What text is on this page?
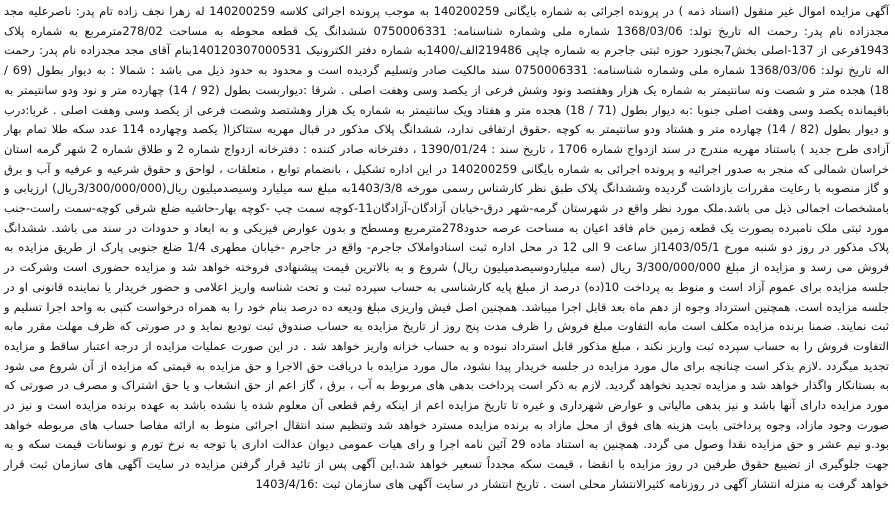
آگهی مزایده اموال غیر منقول (اسناد ذمه ) در پرونده اجرائی به شماره بایگانی 140200259 به موجب پرونده اجرائی کلاسه 140200259 له زهرا نجف زاده تام پدر: ناصرعلیه مجد مجدزاده نام پدر: رحمت اله تاریخ تولد: 1368/03/06 شماره ملی وشماره شناسنامه: 0750006331 ششدانگ یک قطعه محوطه به مساحت 278/02مترمربع به شماره پلاک 1943فرعی از 137-اصلی بخش7بجنورد حوزه ثبتی جاجرم به شماره چاپی 219486الف/1400به شماره دفتر الکترونیک 140120307000531بنام آقای مجد مجدزاده نام پدر: رحمت اله تاریخ تولد: 1368/03/06 شماره ملی وشماره شناسنامه: 0750006331 سند مالکیت صادر وتسلیم گردیده است و محدود به حدود ذیل می باشد : شمالا : به دیوار بطول (69 / 18) هجده متر و شصت ونه سانتیمتر به شماره یک هزار وهفتصد ونود وشش فرعی از یکصد وسی وهفت اصلی . شرقا :دیواربست بطول (92 / 14) چهارده متر و نود ودو سانتیمتر به باقیمانده یکصد وسی وهفت اصلی جنوبا :به دیوار بطول (71 / 18) هجده متر و هفتاد ویک سانتیمتر به شماره یک هزار وهشتصد وشصت فرعی از یکصد وسی وهفت اصلی . غربا:درب و دیوار بطول (82 / 14) چهارده متر و هشتاد ودو سانتیمتر به کوچه .حقوق ارتفاقی ندارد، ششدانگ پلاک مذکور در قبال مهریه ستتاکزا( یکصد وچهارده 114 عدد سکه طلا تمام بهار آزادی طرح جدید ) باستناد مهریه مندرج در سند ازدواج شماره 1706 ، تاریخ سند : 1390/01/24 ، دفترخانه صادر کننده : دفترخانه ازدواج شماره 2 و طلاق شماره 2 شهر گرمه استان خراسان شمالی که منجر به صدور اجرائیه و پرونده اجرائی به شماره بایگانی 140200259 در این اداره تشکیل ، بانضمام توابع ، متعلقات ، لواحق و حقوق شرعیه و عرفیه و آب و برق و گاز منصوبه با رعایت مقررات بازداشت گردیده وششدانگ پلاک طبق نظر کارشناس رسمی مورخه 1403/3/8به مبلغ سه میلیارد وسیصدمیلیون ریال(3/300/000/000ریال) ارزیابی و بامشخصات اجمالی ذیل می باشد.ملک مورد نظر واقع در شهرستان گرمه-شهر درق-خیابان آزادگان-آزادگان11-کوچه سمت چپ -کوچه بهار-حاشیه ضلع شرقی کوچه-سمت راست-جنب مورد ثبتی ملک نامبرده بصورت یک قطعه زمین خام فاقد اعیان به مساحت عرصه حدود278مترمربع ومسطح و بدون عوارض فیزیکی و به ابعاد و حدودات در سند می باشد. ششدانگ پلاک مذکور در روز دو شنبه مورخ 1403/05/1از ساعت 9 الی 12 در محل اداره ثبت اسنادواملاک جاجرم- واقع در جاجرم -خیابان مطهری 1/4 ضلع جنوبی پارک از طریق مزایده به فروش می رسد و مزایده از مبلغ 3/300/000/000 ریال (سه میلیاردوسیصدمیلیون ریال) شروع و به بالاترین قیمت پیشنهادی فروخته خواهد شد و مزایده حضوری است وشرکت در جلسه مزایده برای عموم آزاد است و منوط به پرداخت 10(ده) درصد از مبلغ پایه کارشناسی به حساب سپرده ثبت و تحت شناسه واریز اعلامی و حضور خریدار یا نماینده قانونی او در جلسه مزایده است. همچنین استرداد وجوه از دهم ماه بعد قابل اجرا میباشد. همچنین اصل فیش واریزی مبلغ ودیعه ده درصد بنام خود را به همراه درخواست کتبی به واحد اجرا تسلیم و ثبت نمایند. ضمنا برنده مزایده مکلف است مابه التفاوت مبلغ فروش را ظرف مدت پنج روز از تاریخ مزایده به حساب صندوق ثبت تودیع نماید و در صورتی که ظرف مهلت مقرر مابه التفاوت فروش را به حساب سپرده ثبت واریز نکند ، مبلغ مذکور قابل استرداد نبوده و به حساب خزانه واریز خواهد شد . در این صورت عملیات مزایده از درجه اعتبار ساقط و مزایده تجدید میگردد .لازم بذکر است چنانچه برای مال مورد مزایده در جلسه خریدار پیدا نشود، مال مورد مزایده با دریافت حق الاجرا و حق مزایده به قیمتی که مزایده از آن شروع می شود به بستانکار واگذار خواهد شد و مزایده تجدید نخواهد گردید. لازم به ذکر است پرداخت بدهی های مربوط به آب ، برق ، گاز اعم از حق انشعاب و یا حق اشتراک و مصرف در صورتی که مورد مزایده دارای آنها باشد و نیز بدهی مالیاتی و عوارض شهرداری و غیره تا تاریخ مزایده اعم از اینکه رقم قطعی آن معلوم شده یا نشده باشد به عهده برنده مزایده است و نیز در صورت وجود مازاد، وجوه پرداختی بابت هزینه های فوق از محل مازاد به برنده مزایده مسترد خواهد شد وتنظیم سند انتقال اجرائی منوط به ارائه مفاصا حساب های مربوطه خواهد بود.و نیم عشر و حق مزایده نقدا وصول می گردد. همچنین به استناد ماده 29 آئین نامه اجرا و رای هیات عمومی دیوان عدالت اداری با توجه به نرخ تورم و نوسانات قیمت سکه و به جهت جلوگیری از تضییع حقوق طرفین در روز مزایده با انقضا ، قیمت سکه مجدداً تسعیر خواهد شد.این آگهی پس از تائید قرار گرفتن مزایده در سایت آگهی های سازمان ثبت قرار خواهد گرفت به منزله انتشار آگهی در روزنامه کثیرالانتشار محلی است . تاریخ انتشار در سایت آگهی های سازمان ثبت :1403/4/16
